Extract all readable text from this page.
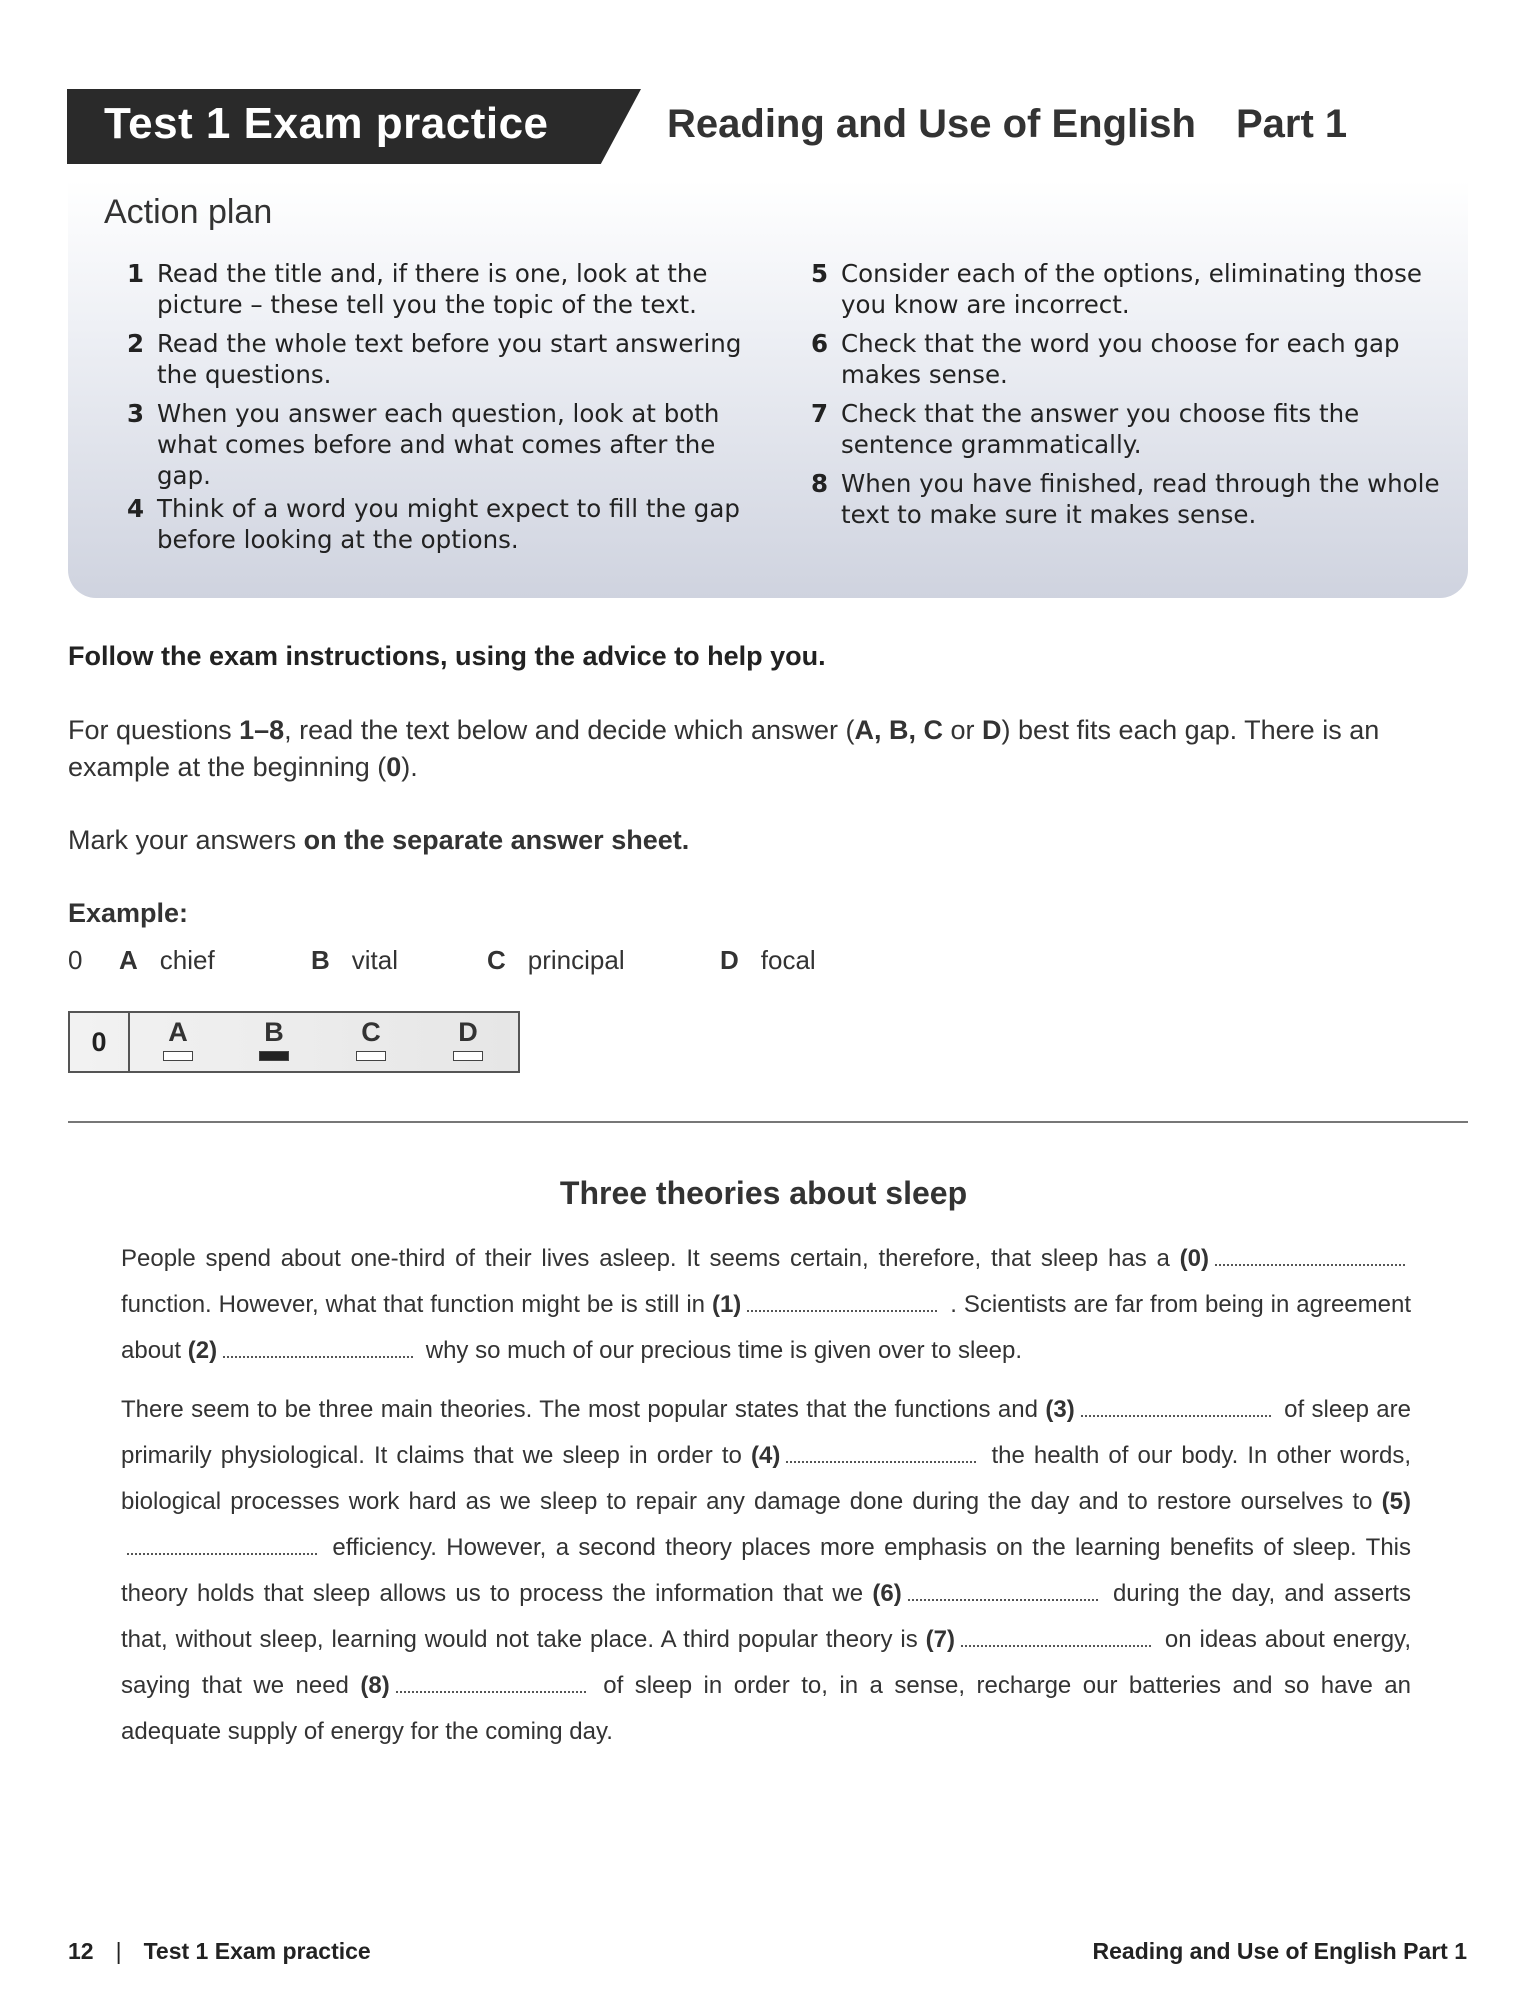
Test 1 Exam practice	Reading and Use of English Part 1
Action plan
1 Read the title and, if there is one, look at the picture – these tell you the topic of the text.
2 Read the whole text before you start answering the questions.
3 When you answer each question, look at both what comes before and what comes after the gap.
4 Think of a word you might expect to fill the gap before looking at the options.
5 Consider each of the options, eliminating those you know are incorrect.
6 Check that the word you choose for each gap makes sense.
7 Check that the answer you choose fits the sentence grammatically.
8 When you have finished, read through the whole text to make sure it makes sense.
Follow the exam instructions, using the advice to help you.
For questions 1–8, read the text below and decide which answer (A, B, C or D) best fits each gap. There is an example at the beginning (0).
Mark your answers on the separate answer sheet.
Example:
0 A chief	B vital	C principal	D focal
0	A	B	C	D
Three theories about sleep
People spend about one-third of their lives asleep. It seems certain, therefore, that sleep has a (0) function. However, what that function might be is still in (1)	. Scientists are far from being in agreement about (2)	why so much of our precious time is given over to sleep.
There seem to be three main theories. The most popular states that the functions and (3)	of sleep are primarily physiological. It claims that we sleep in order to (4)	the health of our body. In other words, biological processes work hard as we sleep to repair any damage done during the day and to restore ourselves to (5) efficiency. However, a second theory places more emphasis on the learning benefits of sleep. This theory holds that sleep allows us to process the information that we (6)	during the day, and asserts that, without sleep, learning would not take place. A third popular theory is (7)	on ideas about energy, saying that we need (8)	of sleep in order to, in a sense, recharge our batteries and so have an adequate supply of energy for the coming day.
12 | Test 1 Exam practice	Reading and Use of English Part 1
